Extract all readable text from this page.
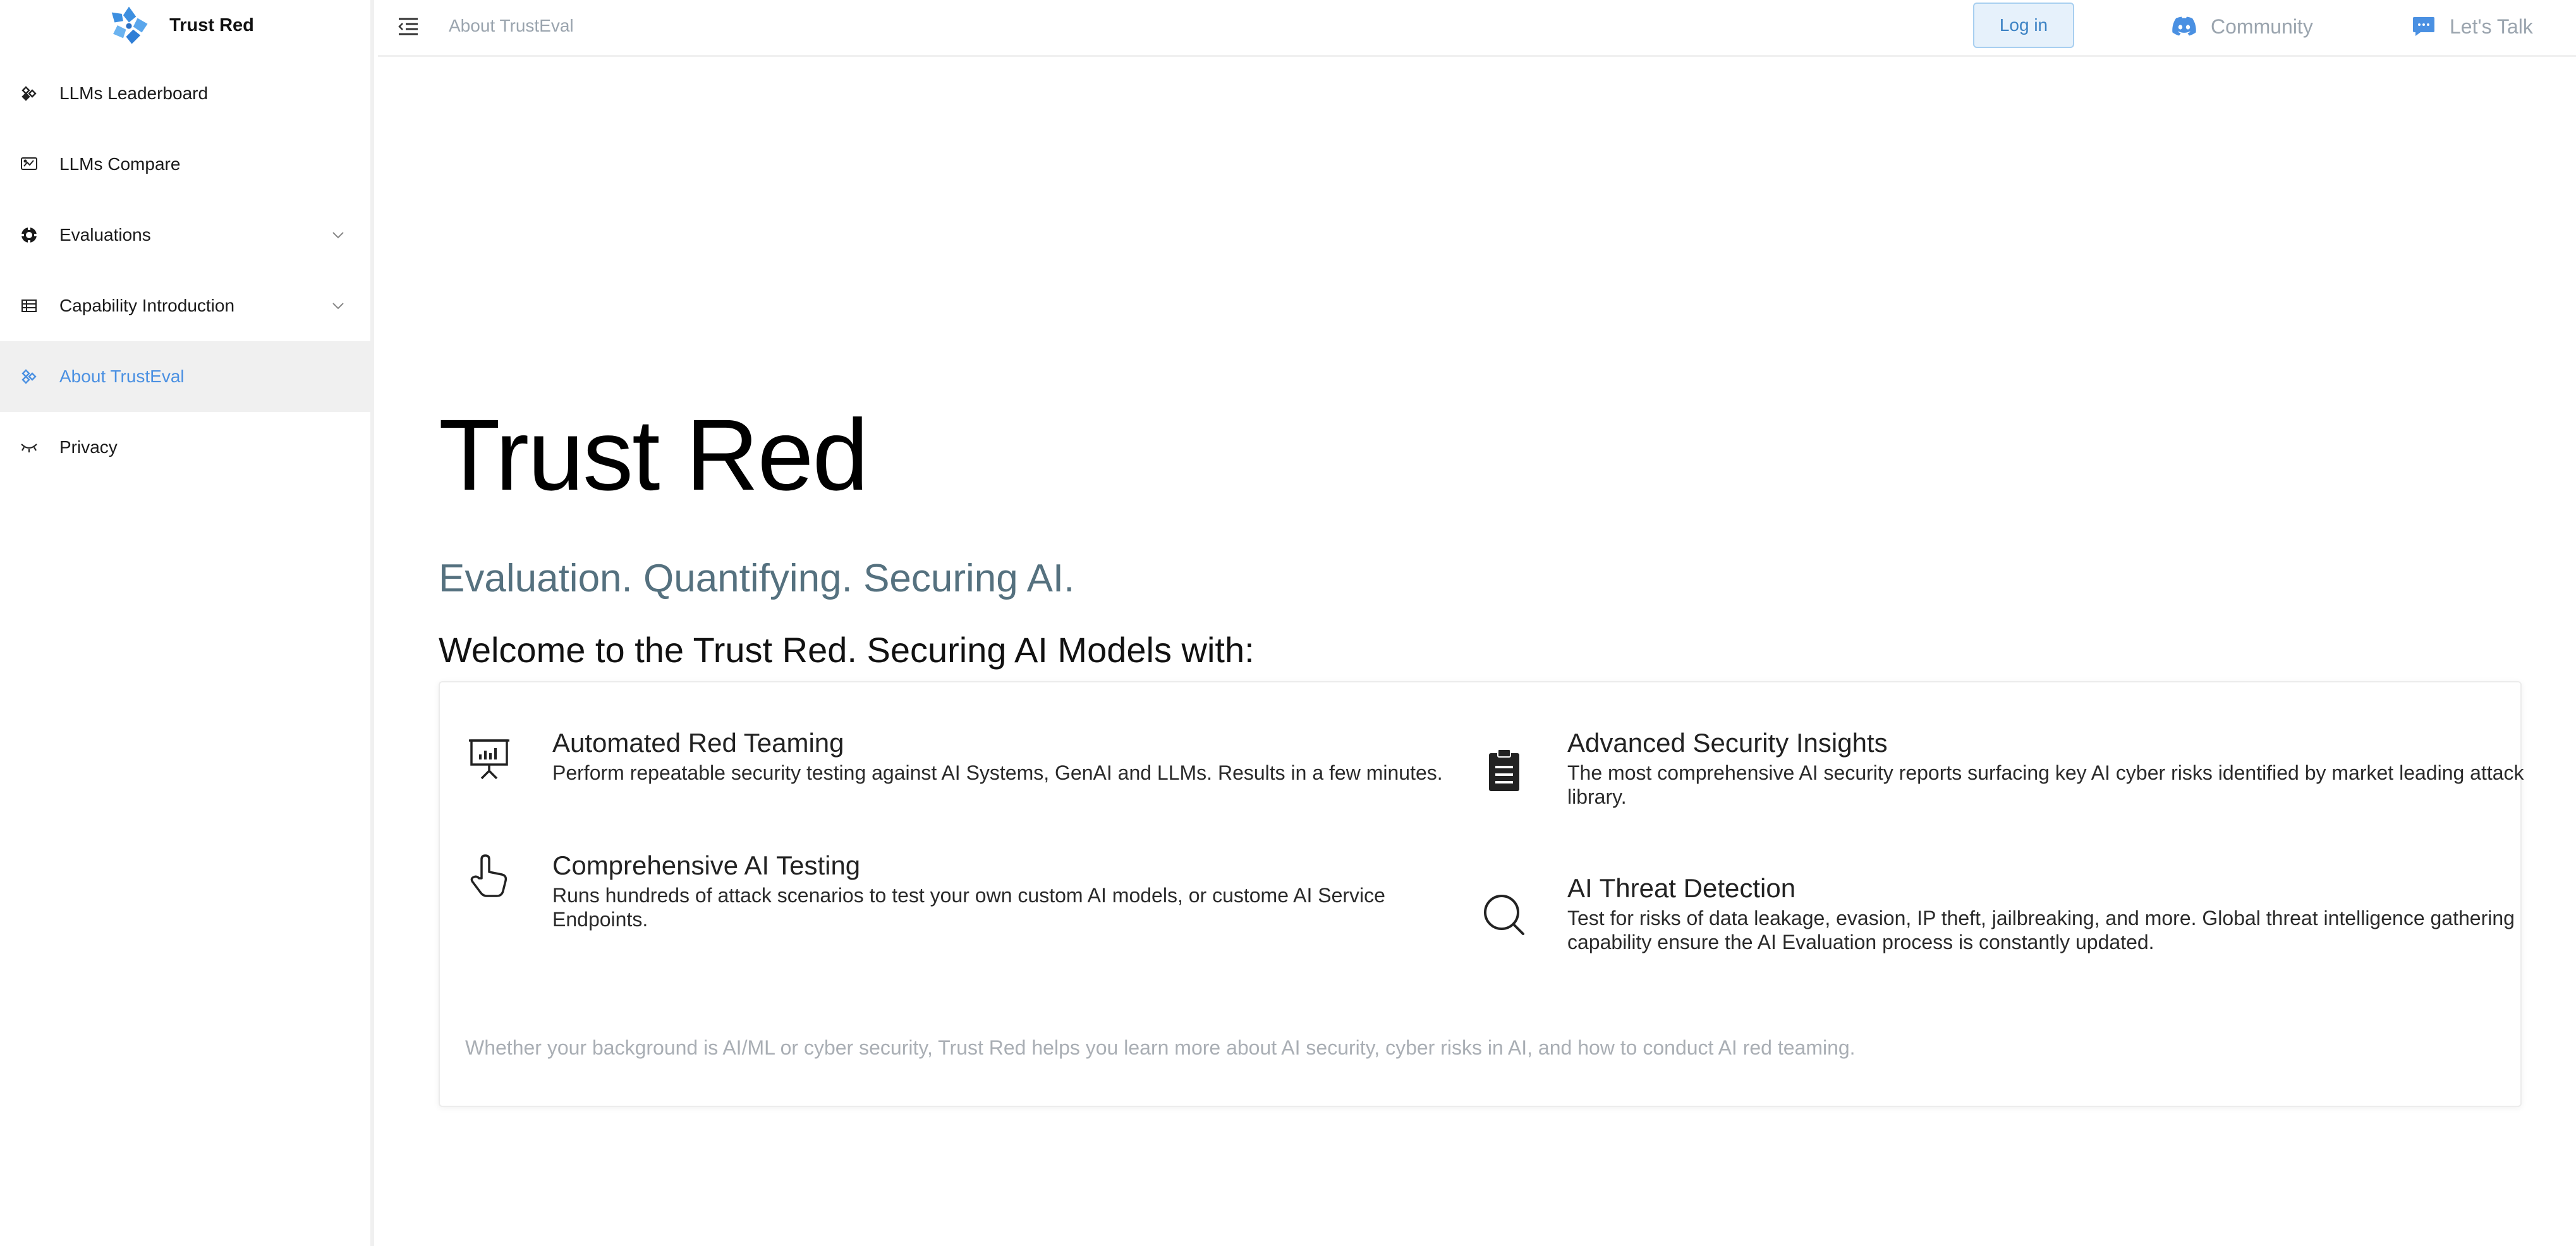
Trust Red
LLMs Leaderboard
LLMs Compare
Evaluations
Capability Introduction
About TrustEval
Privacy
About TrustEval	Log in	Community	Let's Talk
Trust Red
Evaluation. Quantifying. Securing AI.
Welcome to the Trust Red. Securing AI Models with:
Automated Red Teaming
Perform repeatable security testing against AI Systems, GenAI and LLMs. Results in a few minutes.
Comprehensive AI Testing
Runs hundreds of attack scenarios to test your own custom AI models, or custome AI Service Endpoints.
Advanced Security Insights
The most comprehensive AI security reports surfacing key AI cyber risks identified by market leading attack library.
AI Threat Detection
Test for risks of data leakage, evasion, IP theft, jailbreaking, and more. Global threat intelligence gathering capability ensure the AI Evaluation process is constantly updated.
Whether your background is AI/ML or cyber security, Trust Red helps you learn more about AI security, cyber risks in AI, and how to conduct AI red teaming.
